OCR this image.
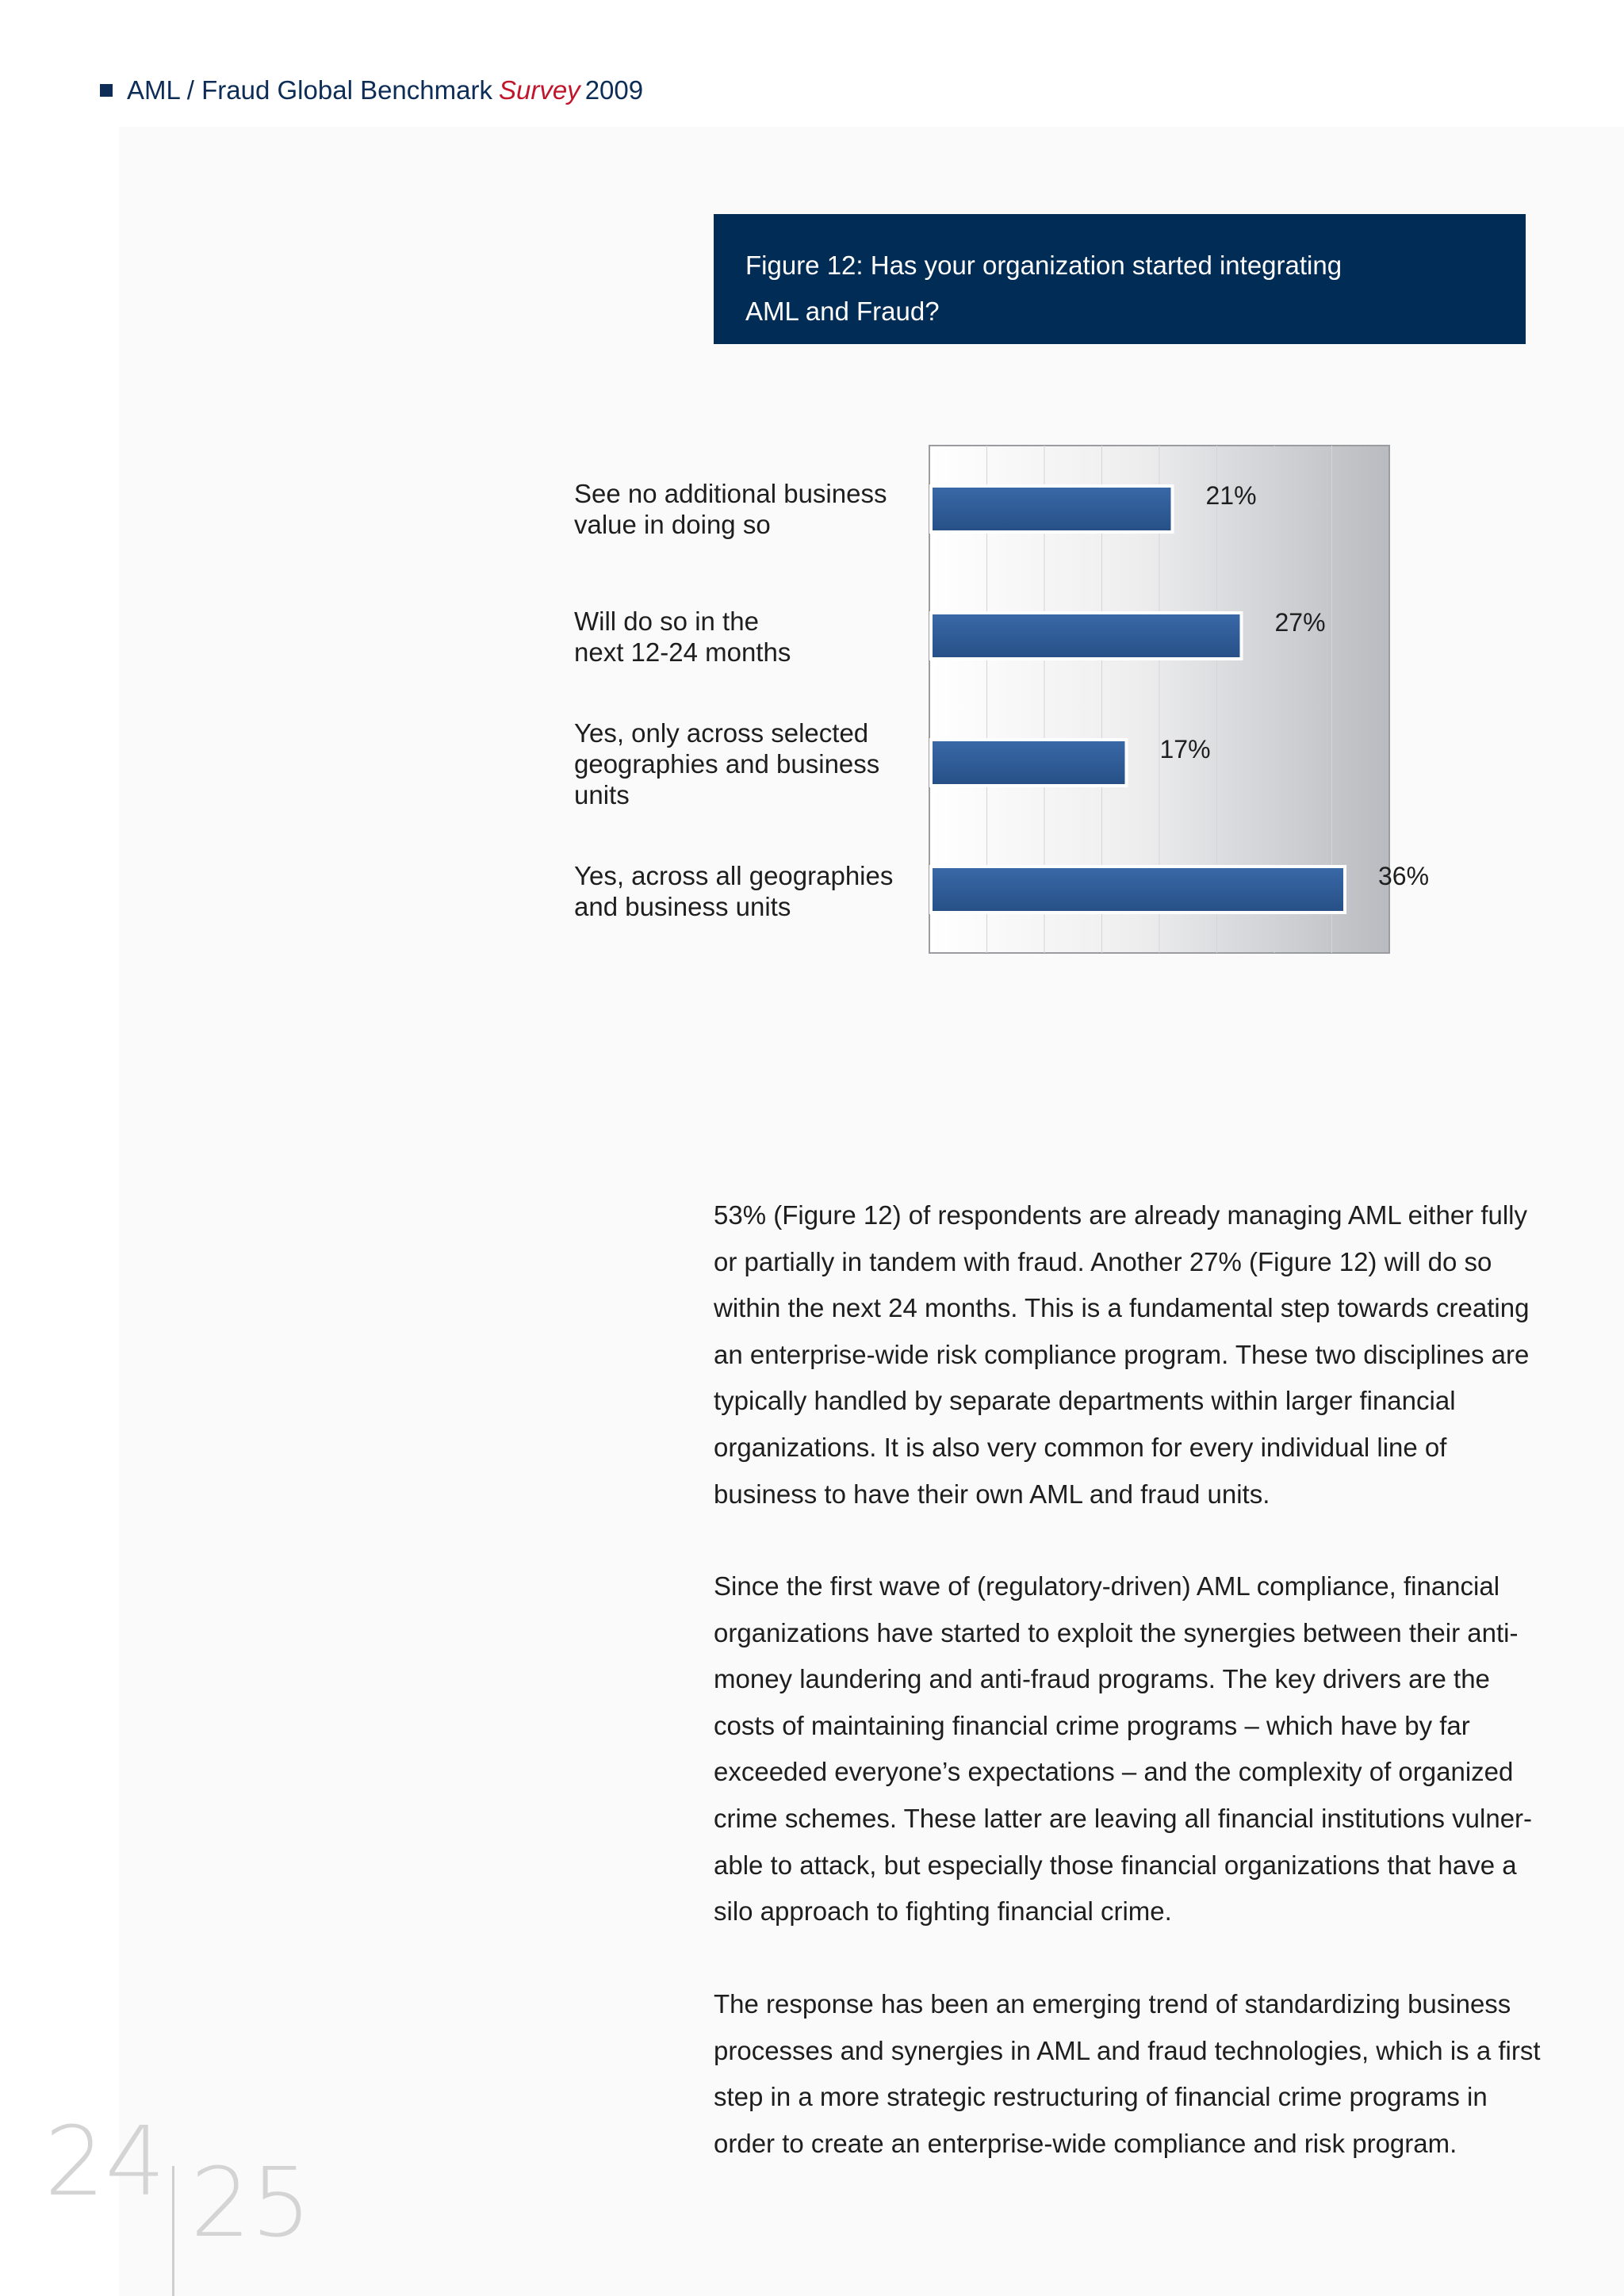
AML / Fraud Global Benchmark Survey 2009
Figure 12: Has your organization started integrating
AML and Fraud?
See no additional business
value in doing so
Will do so in the
next 12-24 months
Yes, only across selected
geographies and business
units
Yes, across all geographies
and business units
21%
27%
17%
36%
53% (Figure 12) of respondents are already managing AML either fully
or partially in tandem with fraud. Another 27% (Figure 12) will do so
within the next 24 months. This is a fundamental step towards creating
an enterprise-wide risk compliance program. These two disciplines are
typically handled by separate departments within larger financial
organizations. It is also very common for every individual line of
business to have their own AML and fraud units.
Since the first wave of (regulatory-driven) AML compliance, financial
organizations have started to exploit the synergies between their anti-
money laundering and anti-fraud programs. The key drivers are the
costs of maintaining financial crime programs – which have by far
exceeded everyone’s expectations – and the complexity of organized
crime schemes. These latter are leaving all financial institutions vulner-
able to attack, but especially those financial organizations that have a
silo approach to fighting financial crime.
The response has been an emerging trend of standardizing business
processes and synergies in AML and fraud technologies, which is a first
step in a more strategic restructuring of financial crime programs in
order to create an enterprise-wide compliance and risk program.
24 25
